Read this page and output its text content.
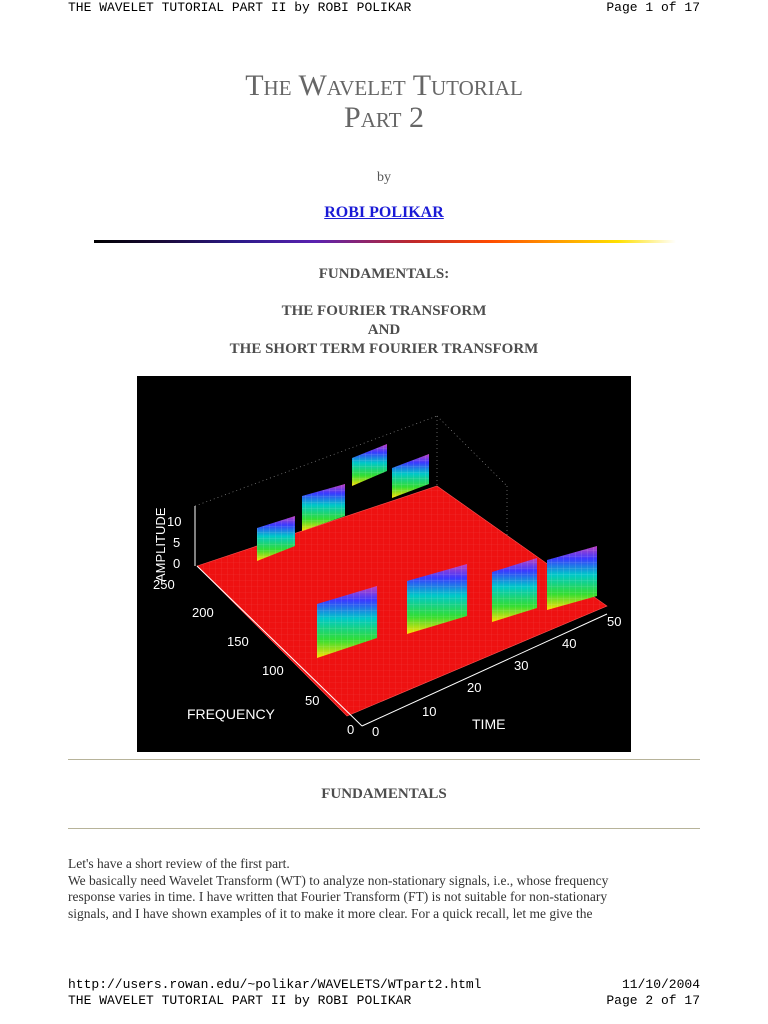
THE WAVELET TUTORIAL PART II by ROBI POLIKAR	Page 1 of 17
The Wavelet Tutorial
Part 2
by
ROBI POLIKAR
FUNDAMENTALS:
THE FOURIER TRANSFORM
AND
THE SHORT TERM FOURIER TRANSFORM
AMPLITUDE 10
5
0
250
200
150
100
50
0
FREQUENCY
0
10
20
30
40
50
TIME
FUNDAMENTALS

Let's have a short review of the first part.

We basically need Wavelet Transform (WT) to analyze non-stationary signals, i.e., whose frequency

response varies in time. I have written that Fourier Transform (FT) is not suitable for non-stationary

signals, and I have shown examples of it to make it more clear. For a quick recall, let me give the

http://users.rowan.edu/~polikar/WAVELETS/WTpart2.html	11/10/2004
THE WAVELET TUTORIAL PART II by ROBI POLIKAR	Page 2 of 17
